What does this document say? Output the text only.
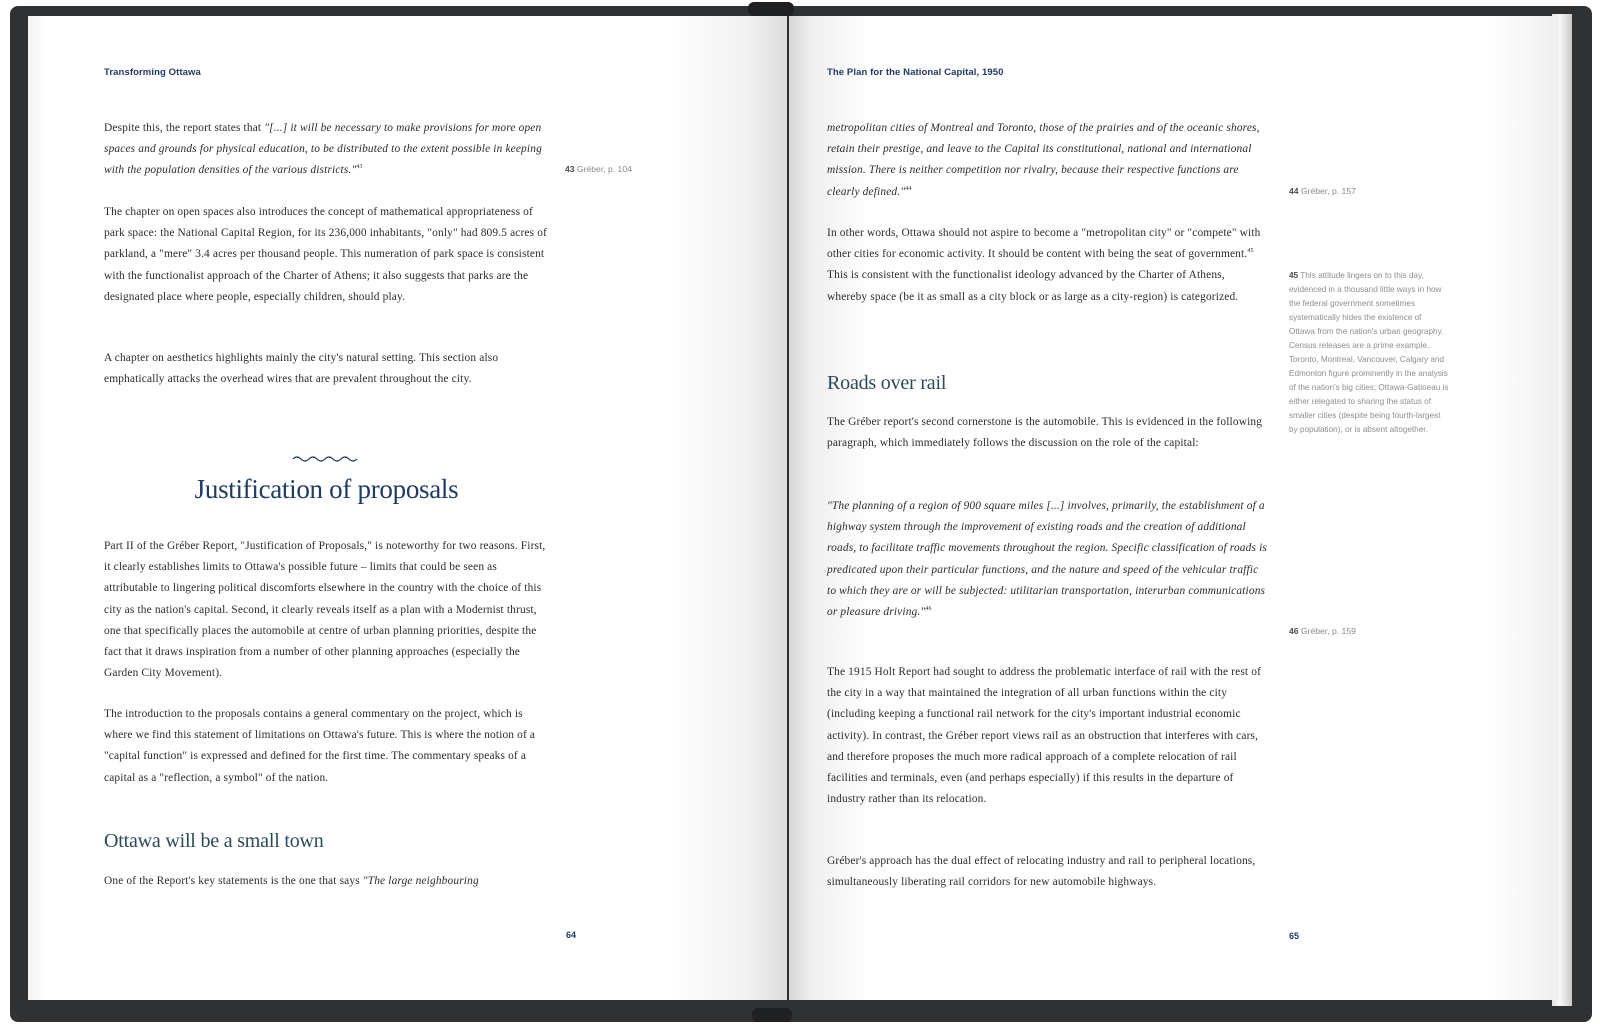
Transforming Ottawa

Despite this, the report states that "[...] it will be necessary to make provisions for more open spaces and grounds for physical education, to be distributed to the extent possible in keeping with the population densities of the various districts."$^{43}$	43 Gréber, p. 104

The chapter on open spaces also introduces the concept of mathematical appropriateness of park space: the National Capital Region, for its 236,000 inhabitants, "only" had 809.5 acres of parkland, a "mere" 3.4 acres per thousand people. This numeration of park space is consistent with the functionalist approach of the Charter of Athens; it also suggests that parks are the designated place where people, especially children, should play.

A chapter on aesthetics highlights mainly the city's natural setting. This section also emphatically attacks the overhead wires that are prevalent throughout the city.

Justification of proposals

Part II of the Gréber Report, "Justification of Proposals," is noteworthy for two reasons. First, it clearly establishes limits to Ottawa's possible future – limits that could be seen as attributable to lingering political discomforts elsewhere in the country with the choice of this city as the nation's capital. Second, it clearly reveals itself as a plan with a Modernist thrust, one that specifically places the automobile at centre of urban planning priorities, despite the fact that it draws inspiration from a number of other planning approaches (especially the Garden City Movement).

The introduction to the proposals contains a general commentary on the project, which is where we find this statement of limitations on Ottawa's future. This is where the notion of a "capital function" is expressed and defined for the first time. The commentary speaks of a capital as a "reflection, a symbol" of the nation.

Ottawa will be a small town

One of the Report's key statements is the one that says "The large neighbouring

64
The Plan for the National Capital, 1950

metropolitan cities of Montreal and Toronto, those of the prairies and of the oceanic shores, retain their prestige, and leave to the Capital its constitutional, national and international mission. There is neither competition nor rivalry, because their respective functions are clearly defined."$^{44}$	44 Gréber, p. 157

In other words, Ottawa should not aspire to become a "metropolitan city" or "compete" with other cities for economic activity. It should be content with being the seat of government.$^{45}$ This is consistent with the functionalist ideology advanced by the Charter of Athens, whereby space (be it as small as a city block or as large as a city-region) is categorized.

45 This attitude lingers on to this day, evidenced in a thousand little ways in how the federal government sometimes systematically hides the existence of Ottawa from the nation's urban geography. Census releases are a prime example. Toronto, Montreal, Vancouver, Calgary and Edmonton figure prominently in the analysis of the nation's big cities; Ottawa-Gatineau is either relegated to sharing the status of smaller cities (despite being fourth-largest by population), or is absent altogether.
Roads over rail

The Gréber report's second cornerstone is the automobile. This is evidenced in the following paragraph, which immediately follows the discussion on the role of the capital:

"The planning of a region of 900 square miles [...] involves, primarily, the establishment of a highway system through the improvement of existing roads and the creation of additional roads, to facilitate traffic movements throughout the region. Specific classification of roads is predicated upon their particular functions, and the nature and speed of the vehicular traffic to which they are or will be subjected: utilitarian transportation, interurban communications or pleasure driving."$^{46}$

46 Gréber, p. 159

The 1915 Holt Report had sought to address the problematic interface of rail with the rest of the city in a way that maintained the integration of all urban functions within the city (including keeping a functional rail network for the city's important industrial economic activity). In contrast, the Gréber report views rail as an obstruction that interferes with cars, and therefore proposes the much more radical approach of a complete relocation of rail facilities and terminals, even (and perhaps especially) if this results in the departure of industry rather than its relocation.

Gréber's approach has the dual effect of relocating industry and rail to peripheral locations, simultaneously liberating rail corridors for new automobile highways.

65
